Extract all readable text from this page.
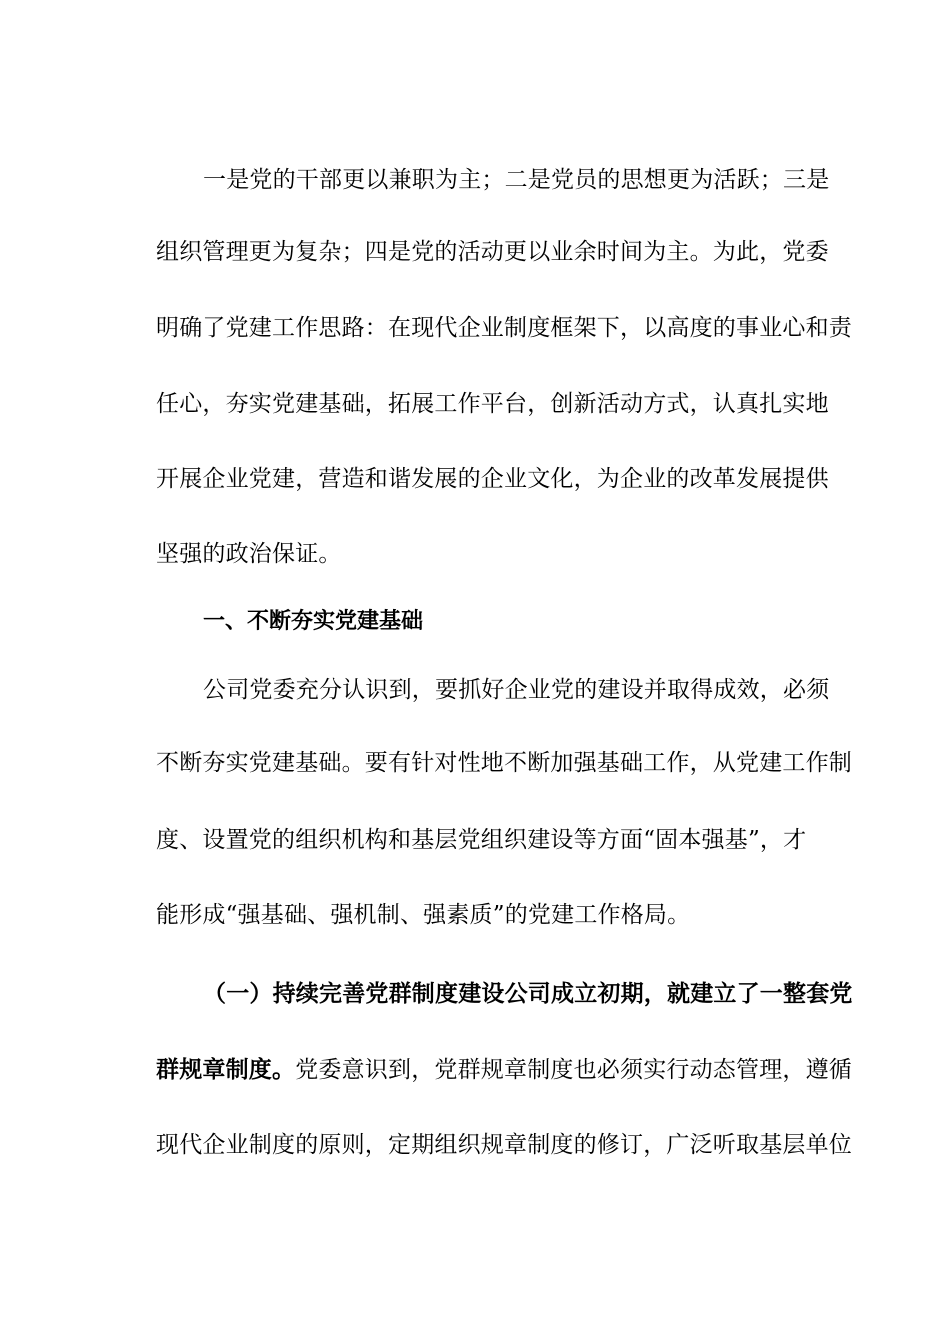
一是党的干部更以兼职为主；二是党员的思想更为活跃；三是
组织管理更为复杂；四是党的活动更以业余时间为主。为此，党委
明确了党建工作思路：在现代企业制度框架下，以高度的事业心和责
任心，夯实党建基础，拓展工作平台，创新活动方式，认真扎实地
开展企业党建，营造和谐发展的企业文化，为企业的改革发展提供
坚强的政治保证。
一、不断夯实党建基础
公司党委充分认识到，要抓好企业党的建设并取得成效，必须
不断夯实党建基础。要有针对性地不断加强基础工作，从党建工作制
度、设置党的组织机构和基层党组织建设等方面“固本强基”，才
能形成“强基础、强机制、强素质”的党建工作格局。
（一）持续完善党群制度建设公司成立初期，就建立了一整套党
群规章制度。党委意识到，党群规章制度也必须实行动态管理，遵循
现代企业制度的原则，定期组织规章制度的修订，广泛听取基层单位
